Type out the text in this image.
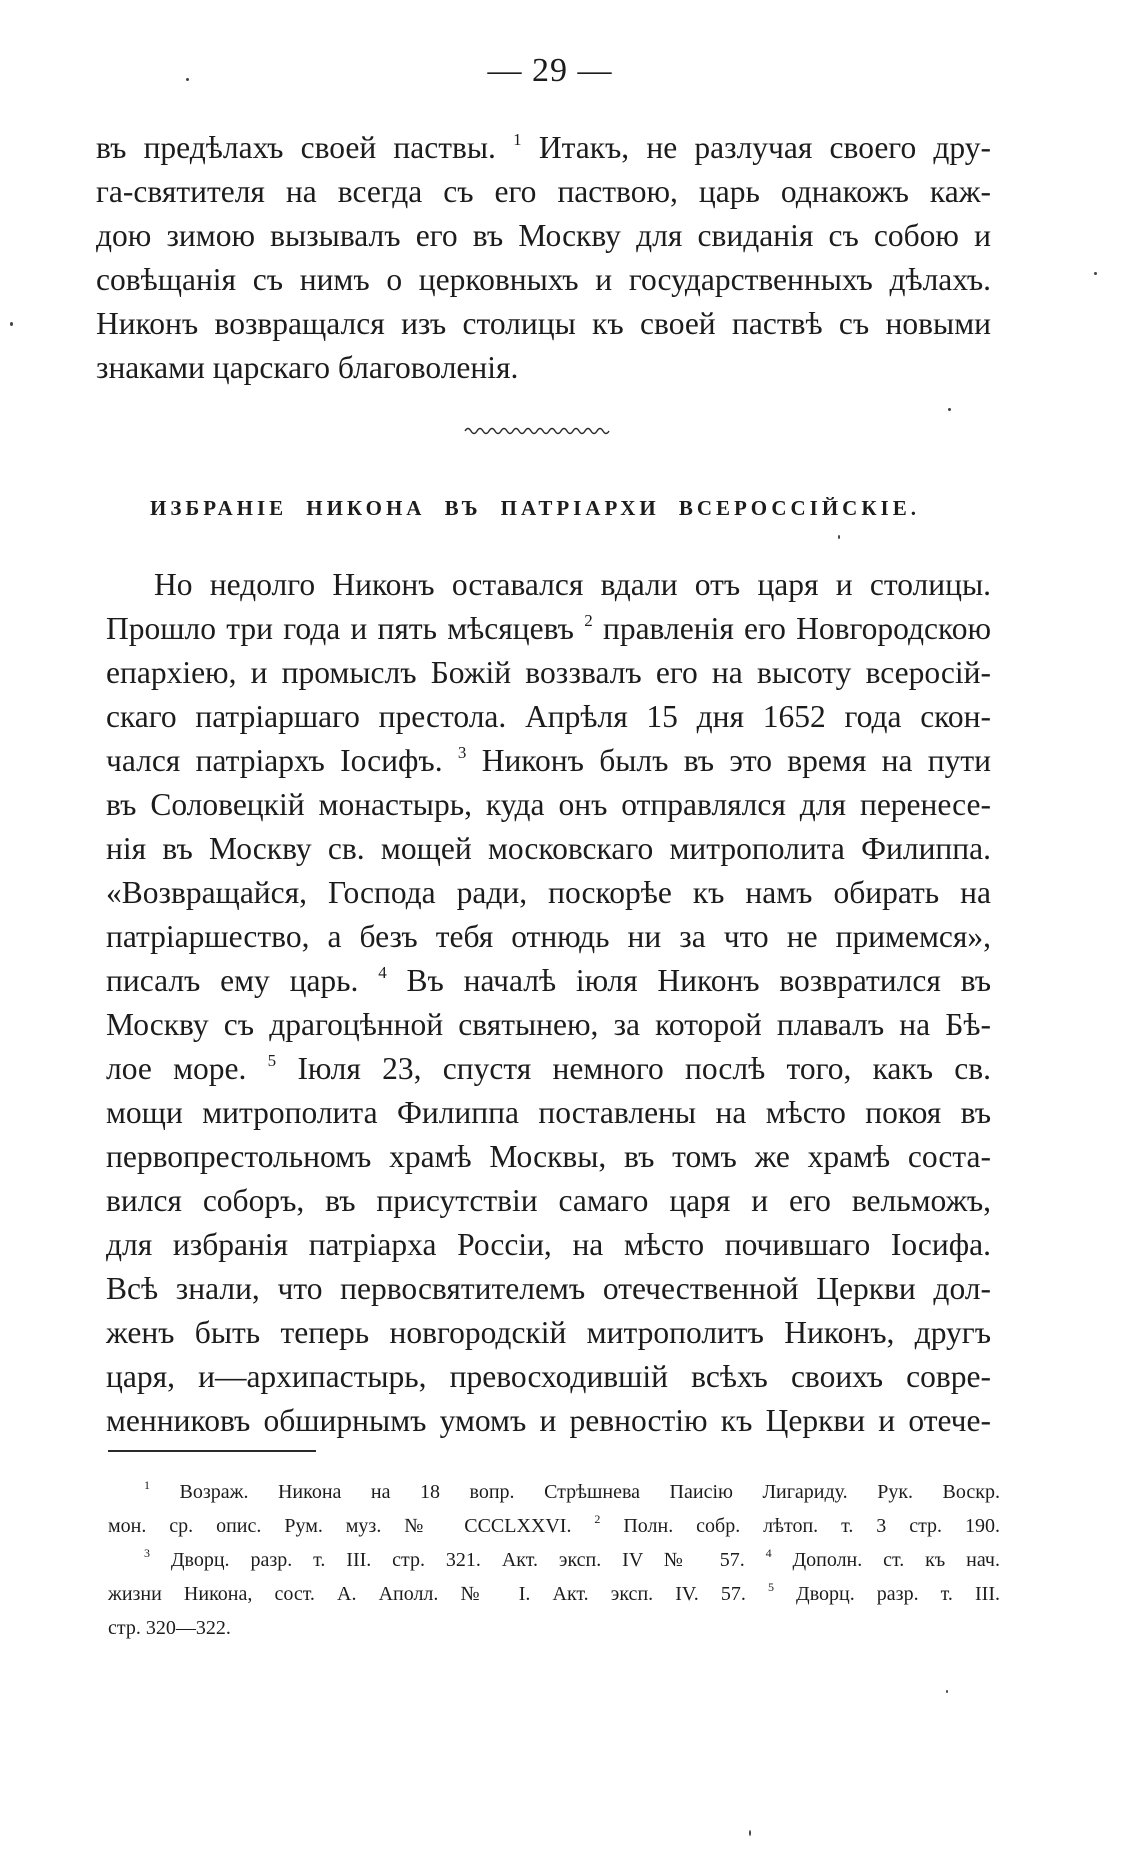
— 29 —
въ предѣлахъ своей паствы. $^1$ Итакъ, не разлучая своего дру-
га-святителя на всегда съ его паствою, царь однакожъ каж-
дою зимою вызывалъ его въ Москву для свиданія съ собою и
совѣщанія съ нимъ о церковныхъ и государственныхъ дѣлахъ.
Никонъ возвращался изъ столицы къ своей паствѣ съ новыми
знаками царскаго благоволенія.
ИЗБРАНІЕ НИКОНА ВЪ ПАТРІАРХИ ВСЕРОССІЙСКІЕ.
Но недолго Никонъ оставался вдали отъ царя и столицы.
Прошло три года и пять мѣсяцевъ $^2$ правленія его Новгородскою
епархіею, и промыслъ Божій воззвалъ его на высоту всеросій-
скаго патріаршаго престола. Апрѣля 15 дня 1652 года скон-
чался патріархъ Іосифъ. $^3$ Никонъ былъ въ это время на пути
въ Соловецкій монастырь, куда онъ отправлялся для перенесе-
нія въ Москву св. мощей московскаго митрополита Филиппа.
«Возвращайся, Господа ради, поскорѣе къ намъ обирать на
патріаршество, а безъ тебя отнюдь ни за что не примемся»,
писалъ ему царь. $^4$ Въ началѣ іюля Никонъ возвратился въ
Москву съ драгоцѣнной святынею, за которой плавалъ на Бѣ-
лое море. $^5$ Іюля 23, спустя немного послѣ того, какъ св.
мощи митрополита Филиппа поставлены на мѣсто покоя въ
первопрестольномъ храмѣ Москвы, въ томъ же храмѣ соста-
вился соборъ, въ присутствіи самаго царя и его вельможъ,
для избранія патріарха Россіи, на мѣсто почившаго Іосифа.
Всѣ знали, что первосвятителемъ отечественной Церкви дол-
женъ быть теперь новгородскій митрополитъ Никонъ, другъ
царя, и—архипастырь, превосходившій всѣхъ своихъ совре-
менниковъ обширнымъ умомъ и ревностію къ Церкви и отече-
$^1$ Возраж. Никона на 18 вопр. Стрѣшнева Паисію Лигариду. Рук. Воскр.
мон. ср. опис. Рум. муз. № CCCLXXVI. $^2$ Полн. собр. лѣтоп. т. 3 стр. 190.
$^3$ Дворц. разр. т. III. стр. 321. Акт. эксп. IV № 57. $^4$ Дополн. ст. къ нач.
жизни Никона, сост. А. Аполл. № I. Акт. эксп. IV. 57. $^5$ Дворц. разр. т. III.
стр. 320—322.
